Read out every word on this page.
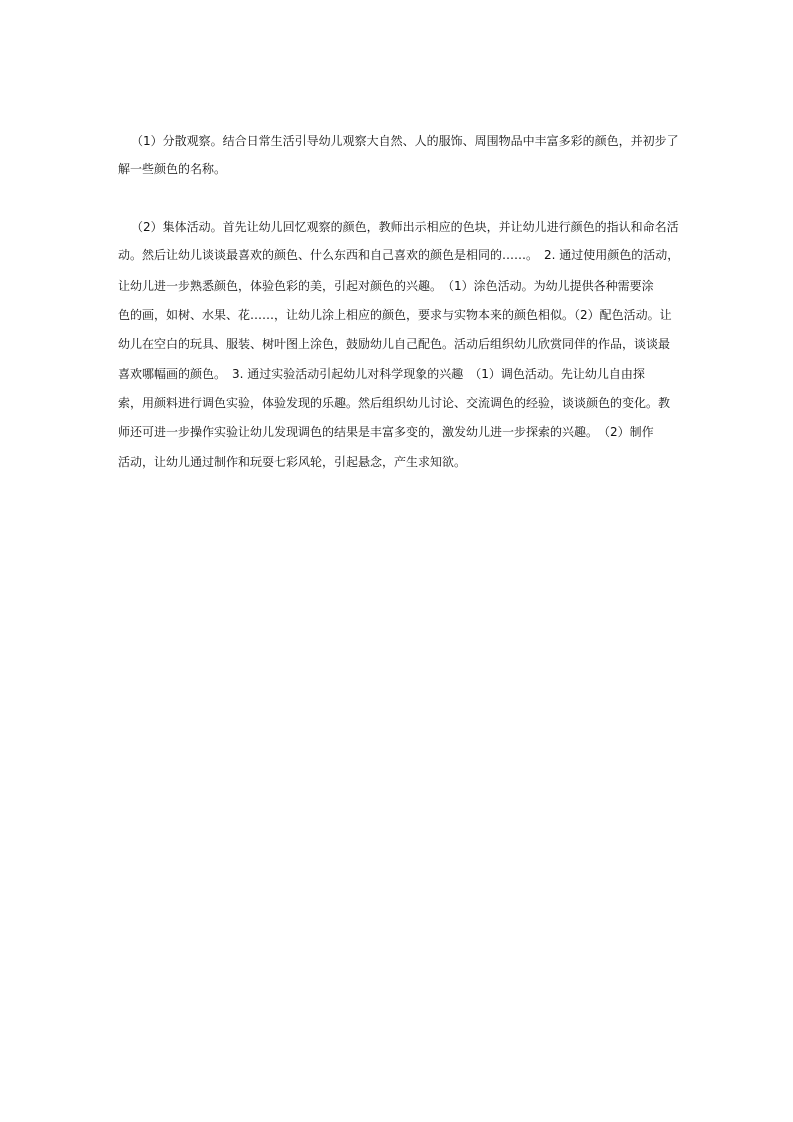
（1）分散观察。结合日常生活引导幼儿观察大自然、人的服饰、周围物品中丰富多彩的颜色，并初步了
解一些颜色的名称。
（2）集体活动。首先让幼儿回忆观察的颜色，教师出示相应的色块，并让幼儿进行颜色的指认和命名活
动。然后让幼儿谈谈最喜欢的颜色、什么东西和自己喜欢的颜色是相同的……。　2. 通过使用颜色的活动，
让幼儿进一步熟悉颜色，体验色彩的美，引起对颜色的兴趣。　（1）涂色活动。为幼儿提供各种需要涂
色的画，如树、水果、花……，让幼儿涂上相应的颜色，要求与实物本来的颜色相似。（2）配色活动。让
幼儿在空白的玩具、服装、树叶图上涂色，鼓励幼儿自己配色。活动后组织幼儿欣赏同伴的作品，谈谈最
喜欢哪幅画的颜色。　3. 通过实验活动引起幼儿对科学现象的兴趣　（1）调色活动。先让幼儿自由探
索，用颜料进行调色实验，体验发现的乐趣。然后组织幼儿讨论、交流调色的经验，谈谈颜色的变化。教
师还可进一步操作实验让幼儿发现调色的结果是丰富多变的，激发幼儿进一步探索的兴趣。　（2）制作
活动，让幼儿通过制作和玩耍七彩风轮，引起悬念，产生求知欲。
